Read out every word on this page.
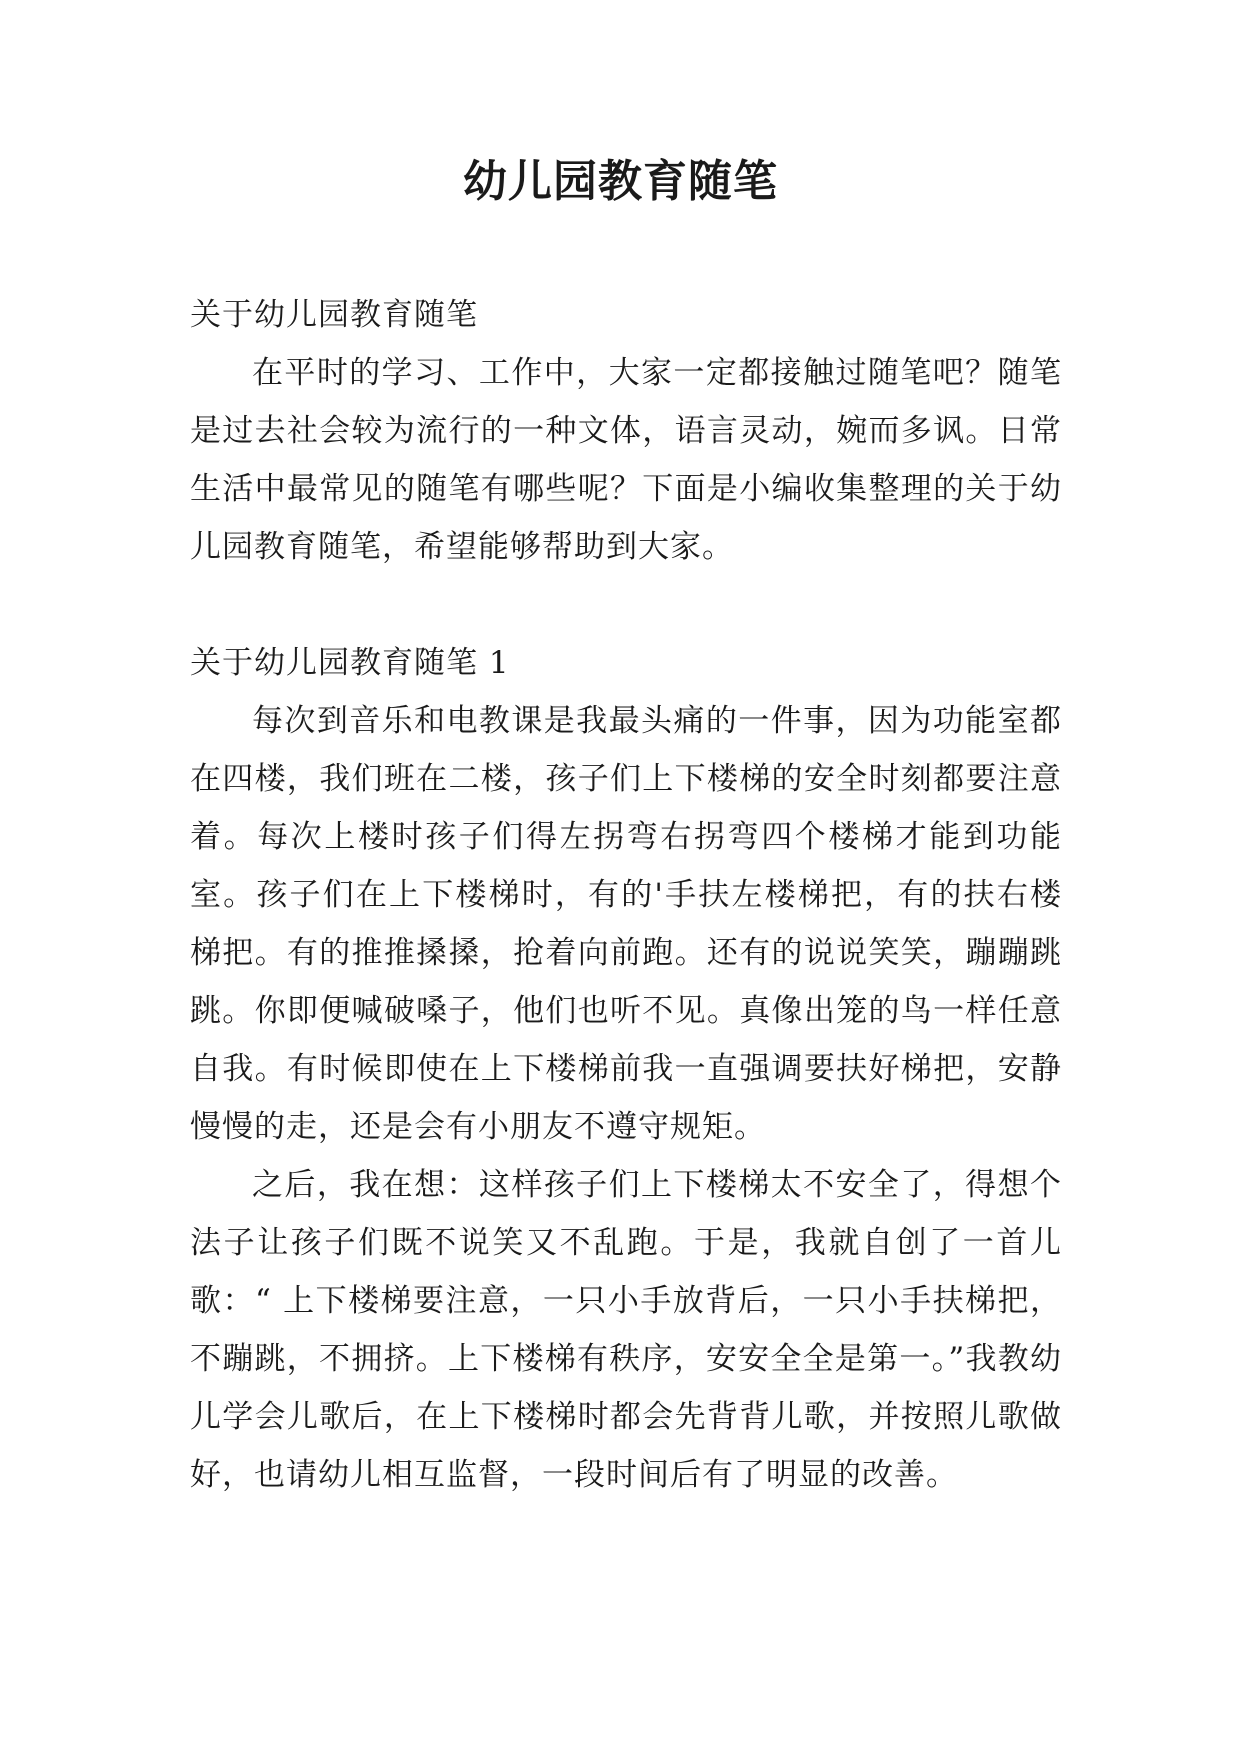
幼儿园教育随笔
关于幼儿园教育随笔

在平时的学习、工作中，大家一定都接触过随笔吧？随笔是过去社会较为流行的一种文体，语言灵动，婉而多讽。日常生活中最常见的随笔有哪些呢？下面是小编收集整理的关于幼儿园教育随笔，希望能够帮助到大家。

关于幼儿园教育随笔 1

每次到音乐和电教课是我最头痛的一件事，因为功能室都在四楼，我们班在二楼，孩子们上下楼梯的安全时刻都要注意着。每次上楼时孩子们得左拐弯右拐弯四个楼梯才能到功能室。孩子们在上下楼梯时，有的'手扶左楼梯把，有的扶右楼梯把。有的推推搡搡，抢着向前跑。还有的说说笑笑，蹦蹦跳跳。你即便喊破嗓子，他们也听不见。真像出笼的鸟一样任意自我。有时候即使在上下楼梯前我一直强调要扶好梯把，安静慢慢的走，还是会有小朋友不遵守规矩。

之后，我在想：这样孩子们上下楼梯太不安全了，得想个法子让孩子们既不说笑又不乱跑。于是，我就自创了一首儿歌：“ 上下楼梯要注意，一只小手放背后，一只小手扶梯把， 不蹦跳，不拥挤。上下楼梯有秩序，安安全全是第一。”我教幼儿学会儿歌后，在上下楼梯时都会先背背儿歌，并按照儿歌做好，也请幼儿相互监督，一段时间后有了明显的改善。
